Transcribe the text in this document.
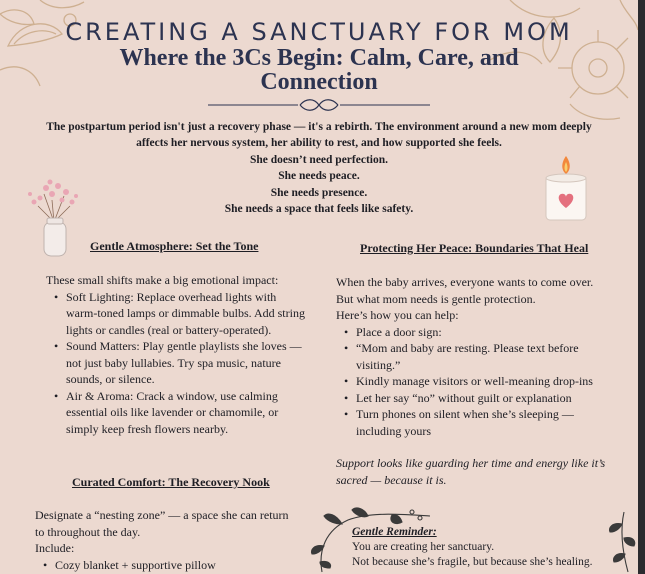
CREATING A SANCTUARY FOR MOM
Where the 3Cs Begin: Calm, Care, and Connection

The postpartum period isn't just a recovery phase — it's a rebirth. The environment around a new mom deeply affects her nervous system, her ability to rest, and how supported she feels.

She doesn’t need perfection.

She needs peace.

She needs presence.

She needs a space that feels like safety.

Gentle Atmosphere: Set the Tone

These small shifts make a big emotional impact:

• Soft Lighting: Replace overhead lights with warm-toned lamps or dimmable bulbs. Add string lights or candles (real or battery-operated).
• Sound Matters: Play gentle playlists she loves — not just baby lullabies. Try spa music, nature sounds, or silence.
• Air & Aroma: Crack a window, use calming essential oils like lavender or chamomile, or simply keep fresh flowers nearby.
Curated Comfort: The Recovery Nook

Designate a “nesting zone” — a space she can return to throughout the day.

Include:

• Cozy blanket + supportive pillow
Protecting Her Peace: Boundaries That Heal

When the baby arrives, everyone wants to come over.

But what mom needs is gentle protection.

Here’s how you can help:

• Place a door sign:
• “Mom and baby are resting. Please text before visiting.”
• Kindly manage visitors or well-meaning drop-ins
• Let her say “no” without guilt or explanation
• Turn phones on silent when she’s sleeping — including yours

Support looks like guarding her time and energy like it’s sacred — because it is.

Gentle Reminder:

You are creating her sanctuary.

Not because she’s fragile, but because she’s healing.
